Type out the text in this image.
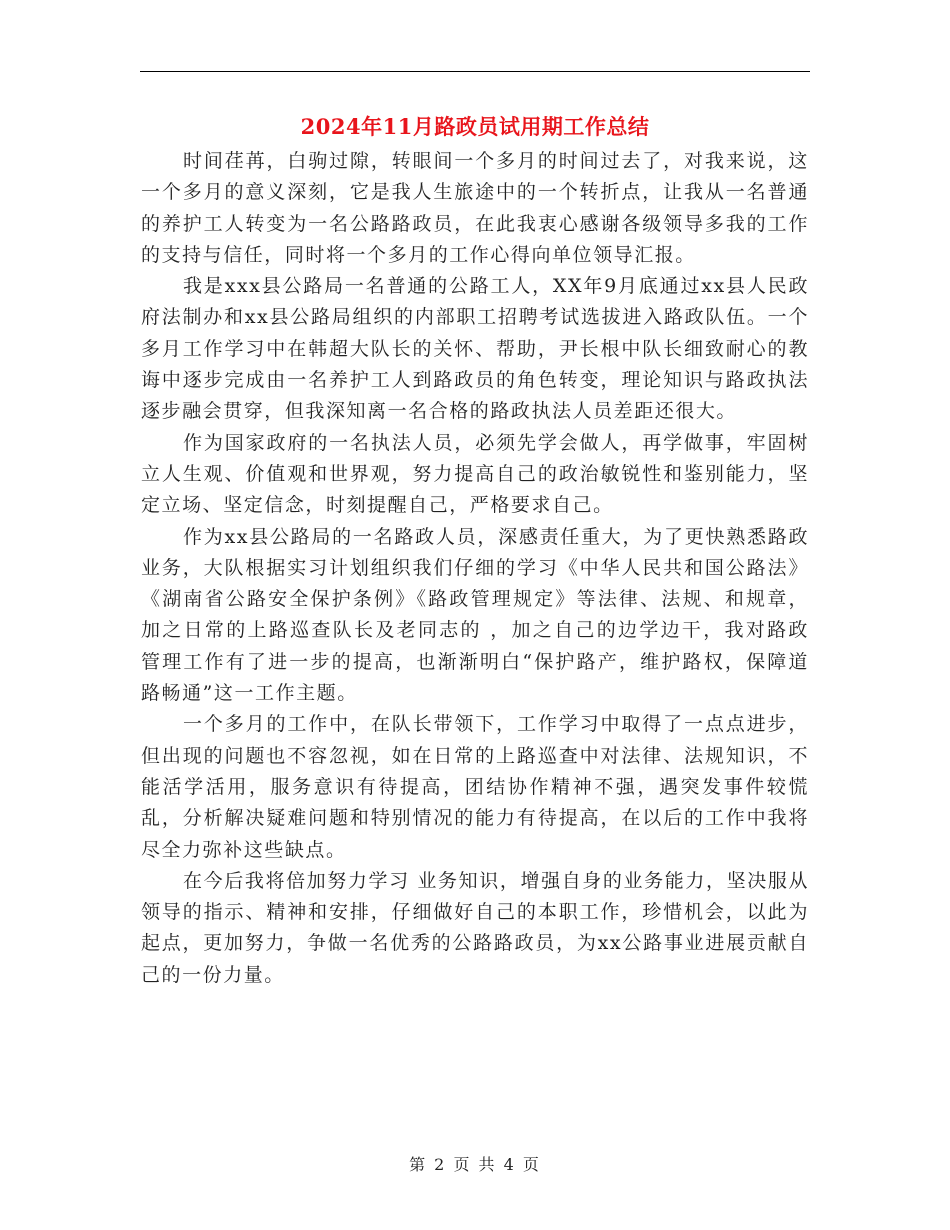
2024年11月路政员试用期工作总结

时间荏苒，白驹过隙，转眼间一个多月的时间过去了，对我来说，这一个多月的意义深刻，它是我人生旅途中的一个转折点，让我从一名普通的养护工人转变为一名公路路政员，在此我衷心感谢各级领导多我的工作的支持与信任，同时将一个多月的工作心得向单位领导汇报。

我是xxx县公路局一名普通的公路工人，XX年9月底通过xx县人民政府法制办和xx县公路局组织的内部职工招聘考试选拔进入路政队伍。一个多月工作学习中在韩超大队长的关怀、帮助，尹长根中队长细致耐心的教诲中逐步完成由一名养护工人到路政员的角色转变，理论知识与路政执法逐步融会贯穿，但我深知离一名合格的路政执法人员差距还很大。

作为国家政府的一名执法人员，必须先学会做人，再学做事，牢固树立人生观、价值观和世界观，努力提高自己的政治敏锐性和鉴别能力，坚定立场、坚定信念，时刻提醒自己，严格要求自己。

作为xx县公路局的一名路政人员，深感责任重大，为了更快熟悉路政业务，大队根据实习计划组织我们仔细的学习《中华人民共和国公路法》《湖南省公路安全保护条例》《路政管理规定》等法律、法规、和规章，加之日常的上路巡查队长及老同志的 ，加之自己的边学边干，我对路政 管理工作有了进一步的提高，也渐渐明白“保护路产，维护路权，保障道路畅通”这一工作主题。

一个多月的工作中，在队长带领下，工作学习中取得了一点点进步，但出现的问题也不容忽视，如在日常的上路巡查中对法律、法规知识，不能活学活用，服务意识有待提高，团结协作精神不强，遇突发事件较慌乱，分析解决疑难问题和特别情况的能力有待提高，在以后的工作中我将尽全力弥补这些缺点。

在今后我将倍加努力学习 业务知识，增强自身的业务能力，坚决服从领导的指示、精神和安排，仔细做好自己的本职工作，珍惜机会，以此为起点，更加努力，争做一名优秀的公路路政员，为xx公路事业进展贡献自己的一份力量。

第 2 页 共 4 页
